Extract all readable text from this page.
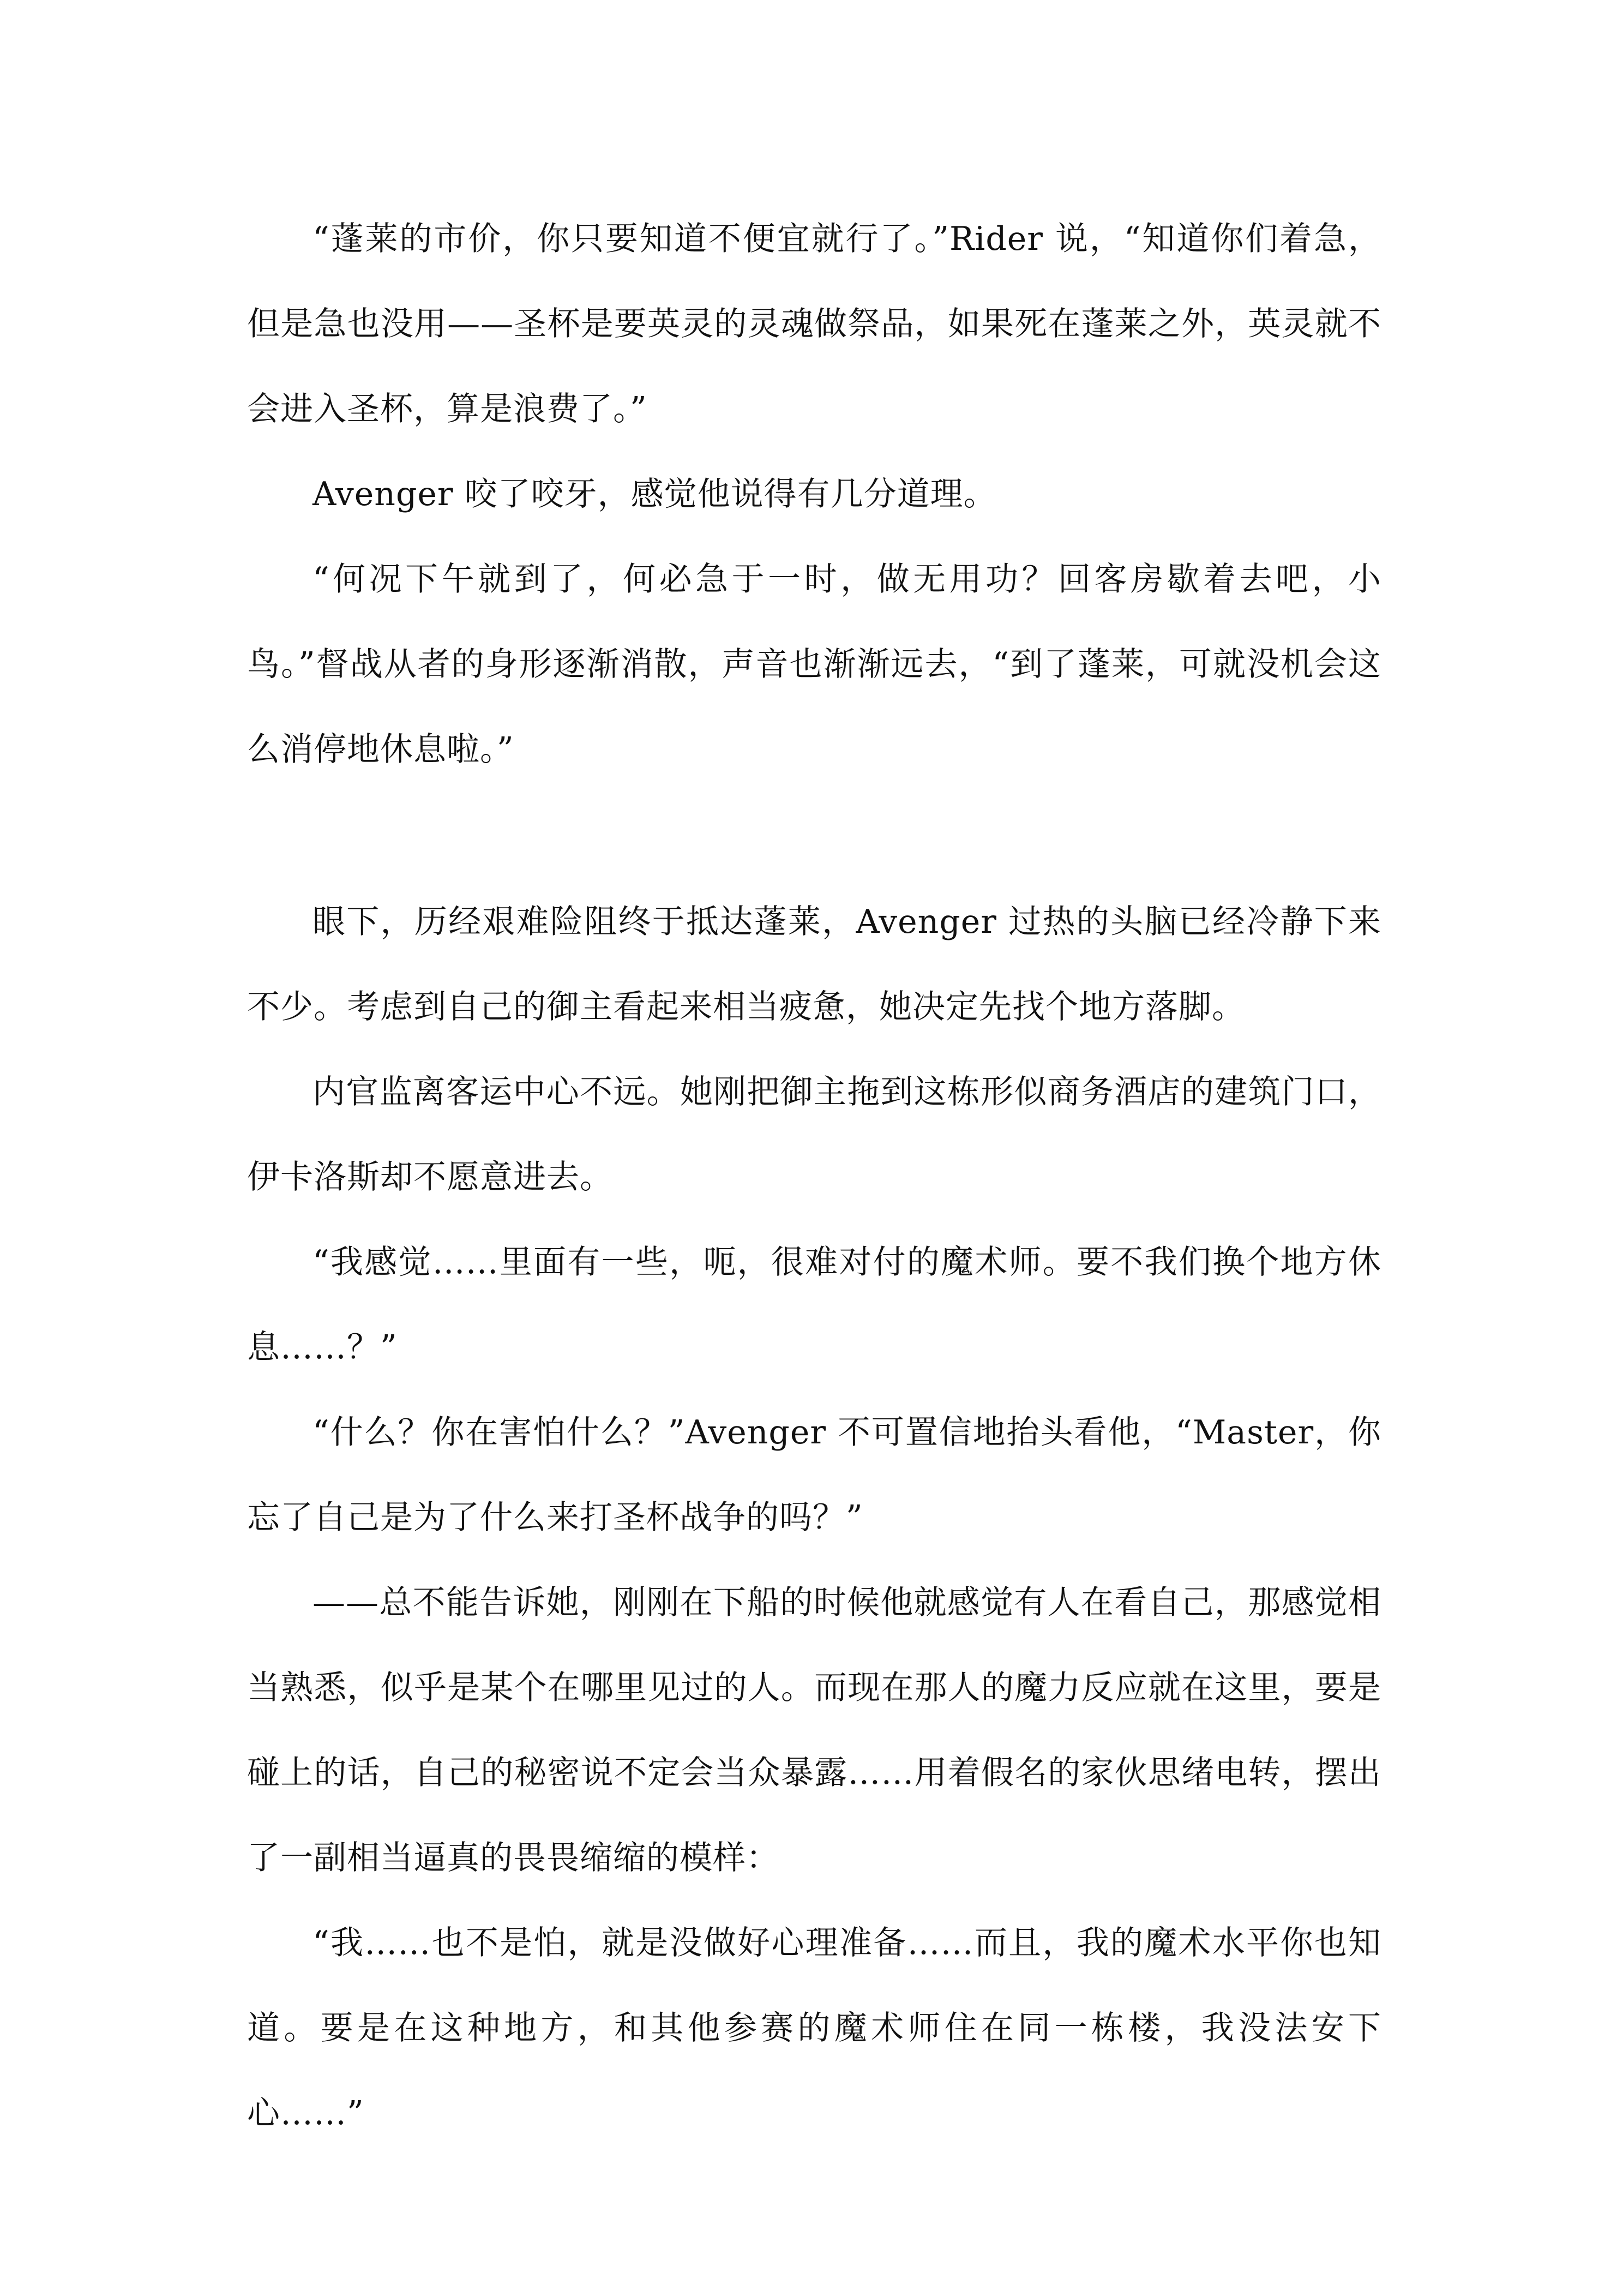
“蓬莱的市价，你只要知道不便宜就行了。”Rider 说，“知道你们着急，但是急也没用——圣杯是要英灵的灵魂做祭品，如果死在蓬莱之外，英灵就不会进入圣杯，算是浪费了。”

Avenger 咬了咬牙，感觉他说得有几分道理。

“何况下午就到了，何必急于一时，做无用功？回客房歇着去吧，小鸟。”督战从者的身形逐渐消散，声音也渐渐远去，“到了蓬莱，可就没机会这么消停地休息啦。”

眼下，历经艰难险阻终于抵达蓬莱，Avenger 过热的头脑已经冷静下来不少。考虑到自己的御主看起来相当疲惫，她决定先找个地方落脚。

内官监离客运中心不远。她刚把御主拖到这栋形似商务酒店的建筑门口，伊卡洛斯却不愿意进去。

“我感觉……里面有一些，呃，很难对付的魔术师。要不我们换个地方休息……？”

“什么？你在害怕什么？”Avenger 不可置信地抬头看他，“Master，你忘了自己是为了什么来打圣杯战争的吗？”

——总不能告诉她，刚刚在下船的时候他就感觉有人在看自己，那感觉相当熟悉，似乎是某个在哪里见过的人。而现在那人的魔力反应就在这里，要是碰上的话，自己的秘密说不定会当众暴露……用着假名的家伙思绪电转，摆出了一副相当逼真的畏畏缩缩的模样：

“我……也不是怕，就是没做好心理准备……而且，我的魔术水平你也知道。要是在这种地方，和其他参赛的魔术师住在同一栋楼，我没法安下心……”
